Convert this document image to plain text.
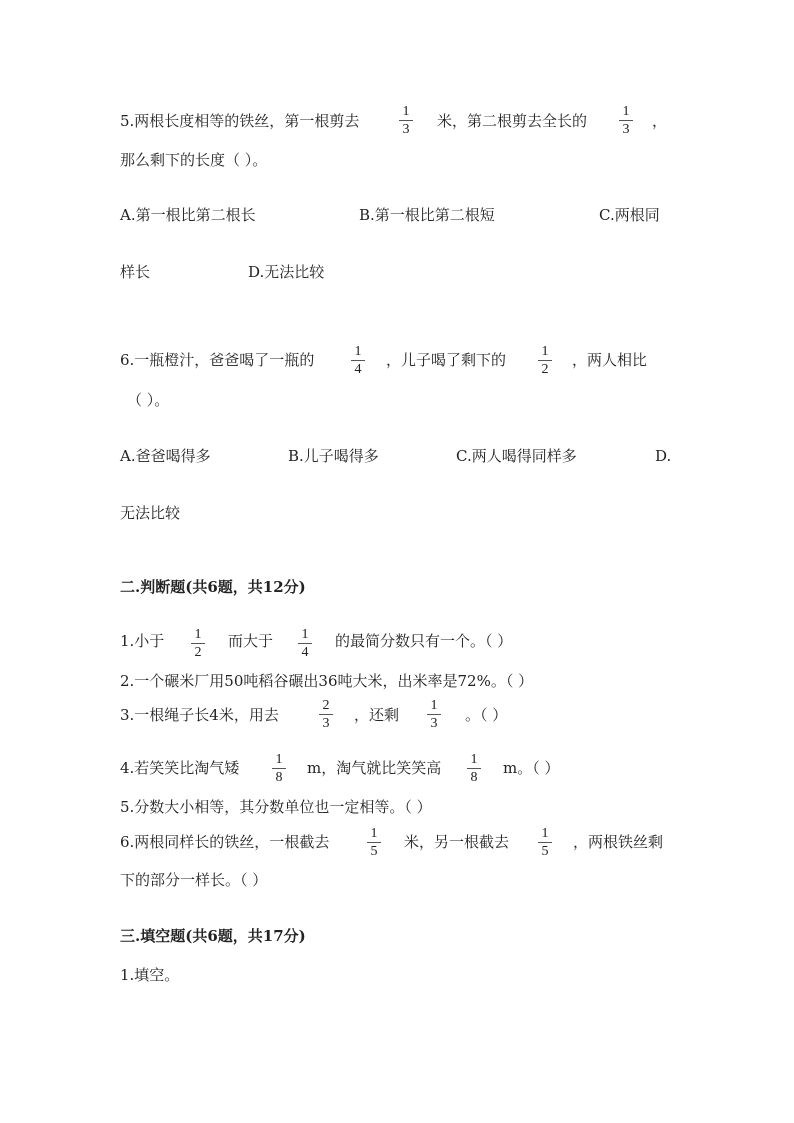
5.两根长度相等的铁丝，第一根剪去
1
3 米，第二根剪去全长的
1
3 ，
那么剩下的长度（ ）。
A.第一根比第二根长	B.第一根比第二根短	C.两根同
样长	D.无法比较
6.一瓶橙汁，爸爸喝了一瓶的	1
4
，儿子喝了剩下的	1
2
，两人相比
（ ）。
A.爸爸喝得多	B.儿子喝得多	C.两人喝得同样多	D.
无法比较
二.判断题(共6题，共12分)
1.小于 1
2
而大于 1
4
的最简分数只有一个。（ ）
2.一个碾米厂用50吨稻谷碾出36吨大米，出米率是72%。（ ）
3.一根绳子长4米，用去
2
3 ，还剩
1
3 。（ ）
4.若笑笑比淘气矮	1
8
m，淘气就比笑笑高 1
8
m。（ ）
5.分数大小相等，其分数单位也一定相等。（ ）
6.两根同样长的铁丝，一根截去	1
5
米，另一根截去 1
5
，两根铁丝剩
下的部分一样长。（ ）
三.填空题(共6题，共17分)
1.填空。
